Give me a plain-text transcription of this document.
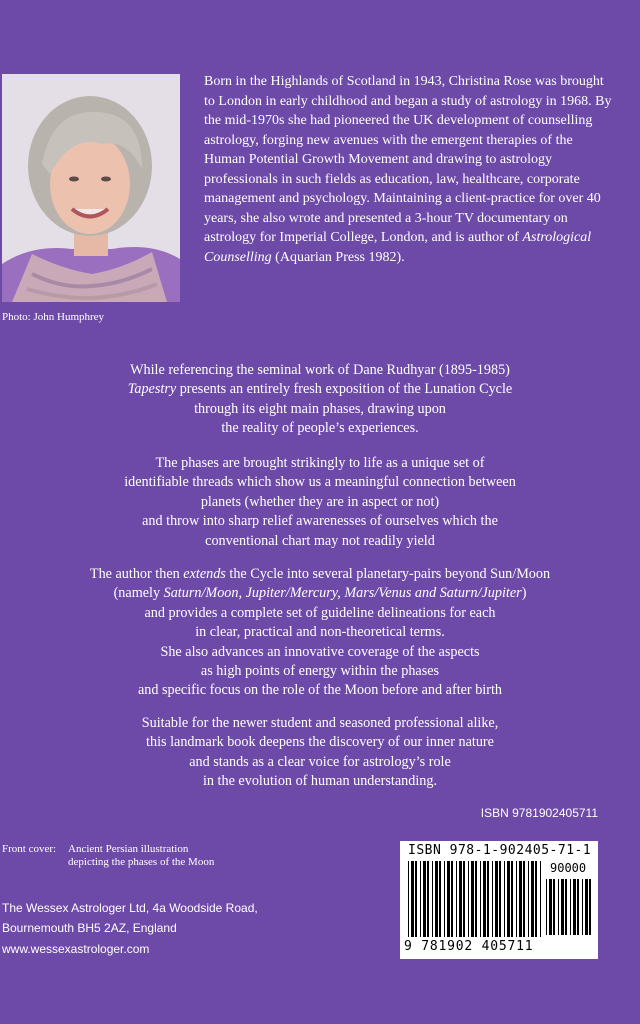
Photo: John Humphrey

Born in the Highlands of Scotland in 1943, Christina Rose was brought to London in early childhood and began a study of astrology in 1968. By the mid-1970s she had pioneered the UK development of counselling astrology, forging new avenues with the emergent therapies of the Human Potential Growth Movement and drawing to astrology professionals in such fields as education, law, healthcare, corporate management and psychology. Maintaining a client-practice for over 40 years, she also wrote and presented a 3-hour TV documentary on astrology for Imperial College, London, and is author of Astrological Counselling (Aquarian Press 1982).

While referencing the seminal work of Dane Rudhyar (1895-1985)
Tapestry presents an entirely fresh exposition of the Lunation Cycle
through its eight main phases, drawing upon
the reality of people’s experiences.

The phases are brought strikingly to life as a unique set of
identifiable threads which show us a meaningful connection between
planets (whether they are in aspect or not)
and throw into sharp relief awarenesses of ourselves which the
conventional chart may not readily yield

The author then extends the Cycle into several planetary-pairs beyond Sun/Moon
(namely Saturn/Moon, Jupiter/Mercury, Mars/Venus and Saturn/Jupiter)
and provides a complete set of guideline delineations for each
in clear, practical and non-theoretical terms.
She also advances an innovative coverage of the aspects
as high points of energy within the phases
and specific focus on the role of the Moon before and after birth

Suitable for the newer student and seasoned professional alike,
this landmark book deepens the discovery of our inner nature
and stands as a clear voice for astrology’s role
in the evolution of human understanding.

ISBN 9781902405711
Front cover: Ancient Persian illustration
depicting the phases of the Moon
The Wessex Astrologer Ltd, 4a Woodside Road,
Bournemouth BH5 2AZ, England
www.wessexastrologer.com
ISBN 978-1-902405-71-1
90000
9 781902 405711
